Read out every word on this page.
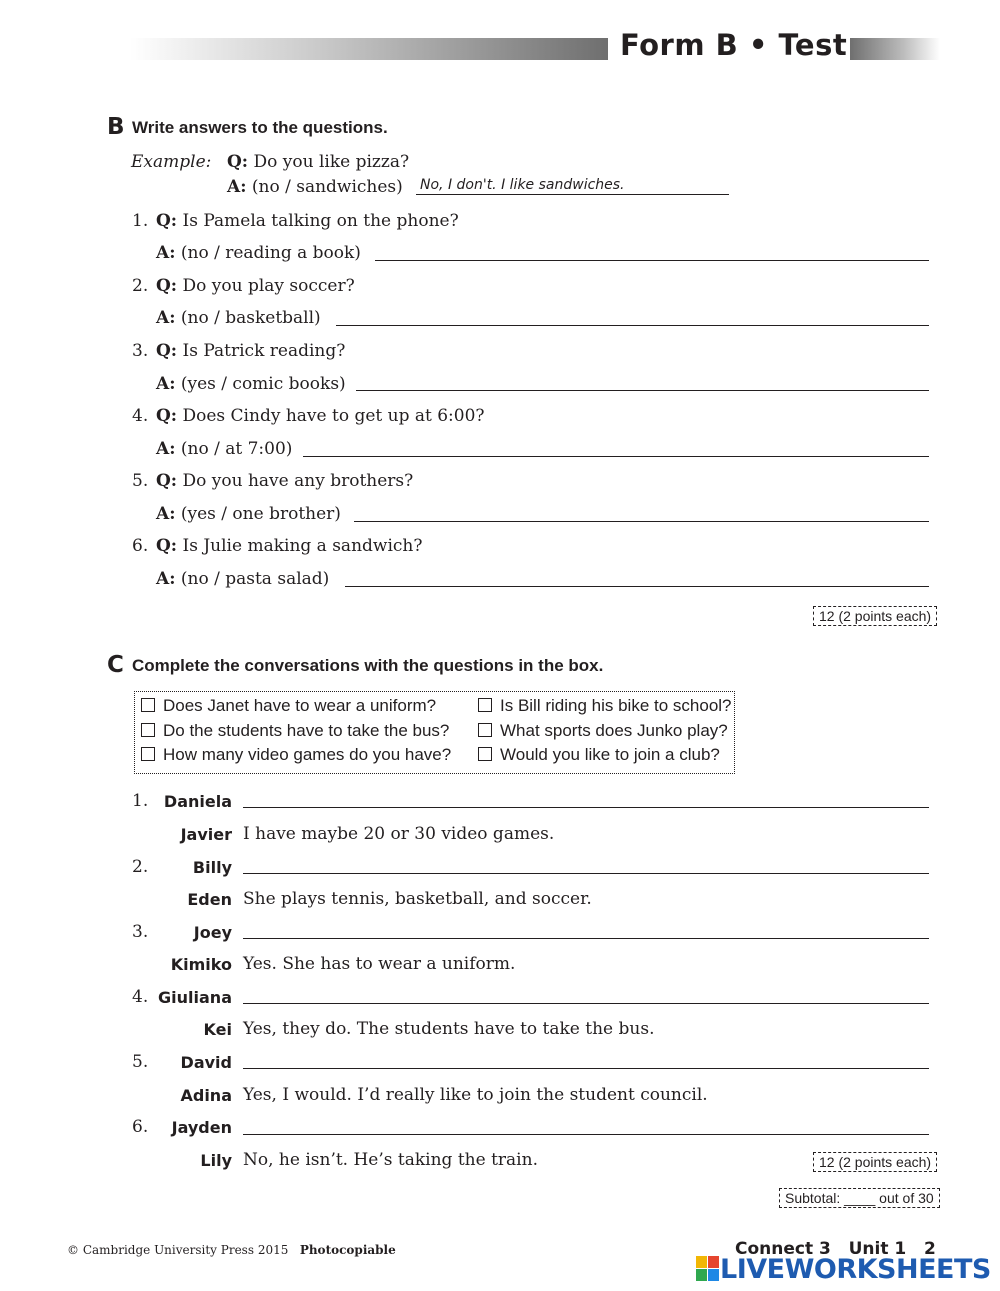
Form B • Test
B Write answers to the questions.
Example: Q: Do you like pizza?
A: (no / sandwiches) No, I don't. I like sandwiches.
1. Q: Is Pamela talking on the phone?
A: (no / reading a book)
2. Q: Do you play soccer?
A: (no / basketball)
3. Q: Is Patrick reading?
A: (yes / comic books)
4. Q: Does Cindy have to get up at 6:00?
A: (no / at 7:00)
5. Q: Do you have any brothers?
A: (yes / one brother)
6. Q: Is Julie making a sandwich?
A: (no / pasta salad)
12 (2 points each)
C Complete the conversations with the questions in the box.
Does Janet have to wear a uniform?	Is Bill riding his bike to school?
Do the students have to take the bus?	What sports does Junko play?
How many video games do you have?	Would you like to join a club?
1. Daniela
Javier I have maybe 20 or 30 video games.
2.	Billy
Eden She plays tennis, basketball, and soccer.
3.	Joey
Kimiko Yes. She has to wear a uniform.
4. Giuliana
Kei Yes, they do. The students have to take the bus.
5. David
Adina Yes, I would. I’d really like to join the student council.
6. Jayden
Lily No, he isn’t. He’s taking the train.	12 (2 points each)
Subtotal: ____ out of 30
© Cambridge University Press 2015 Photocopiable	Connect 3 Unit 1 2
LIVEWORKSHEETS
